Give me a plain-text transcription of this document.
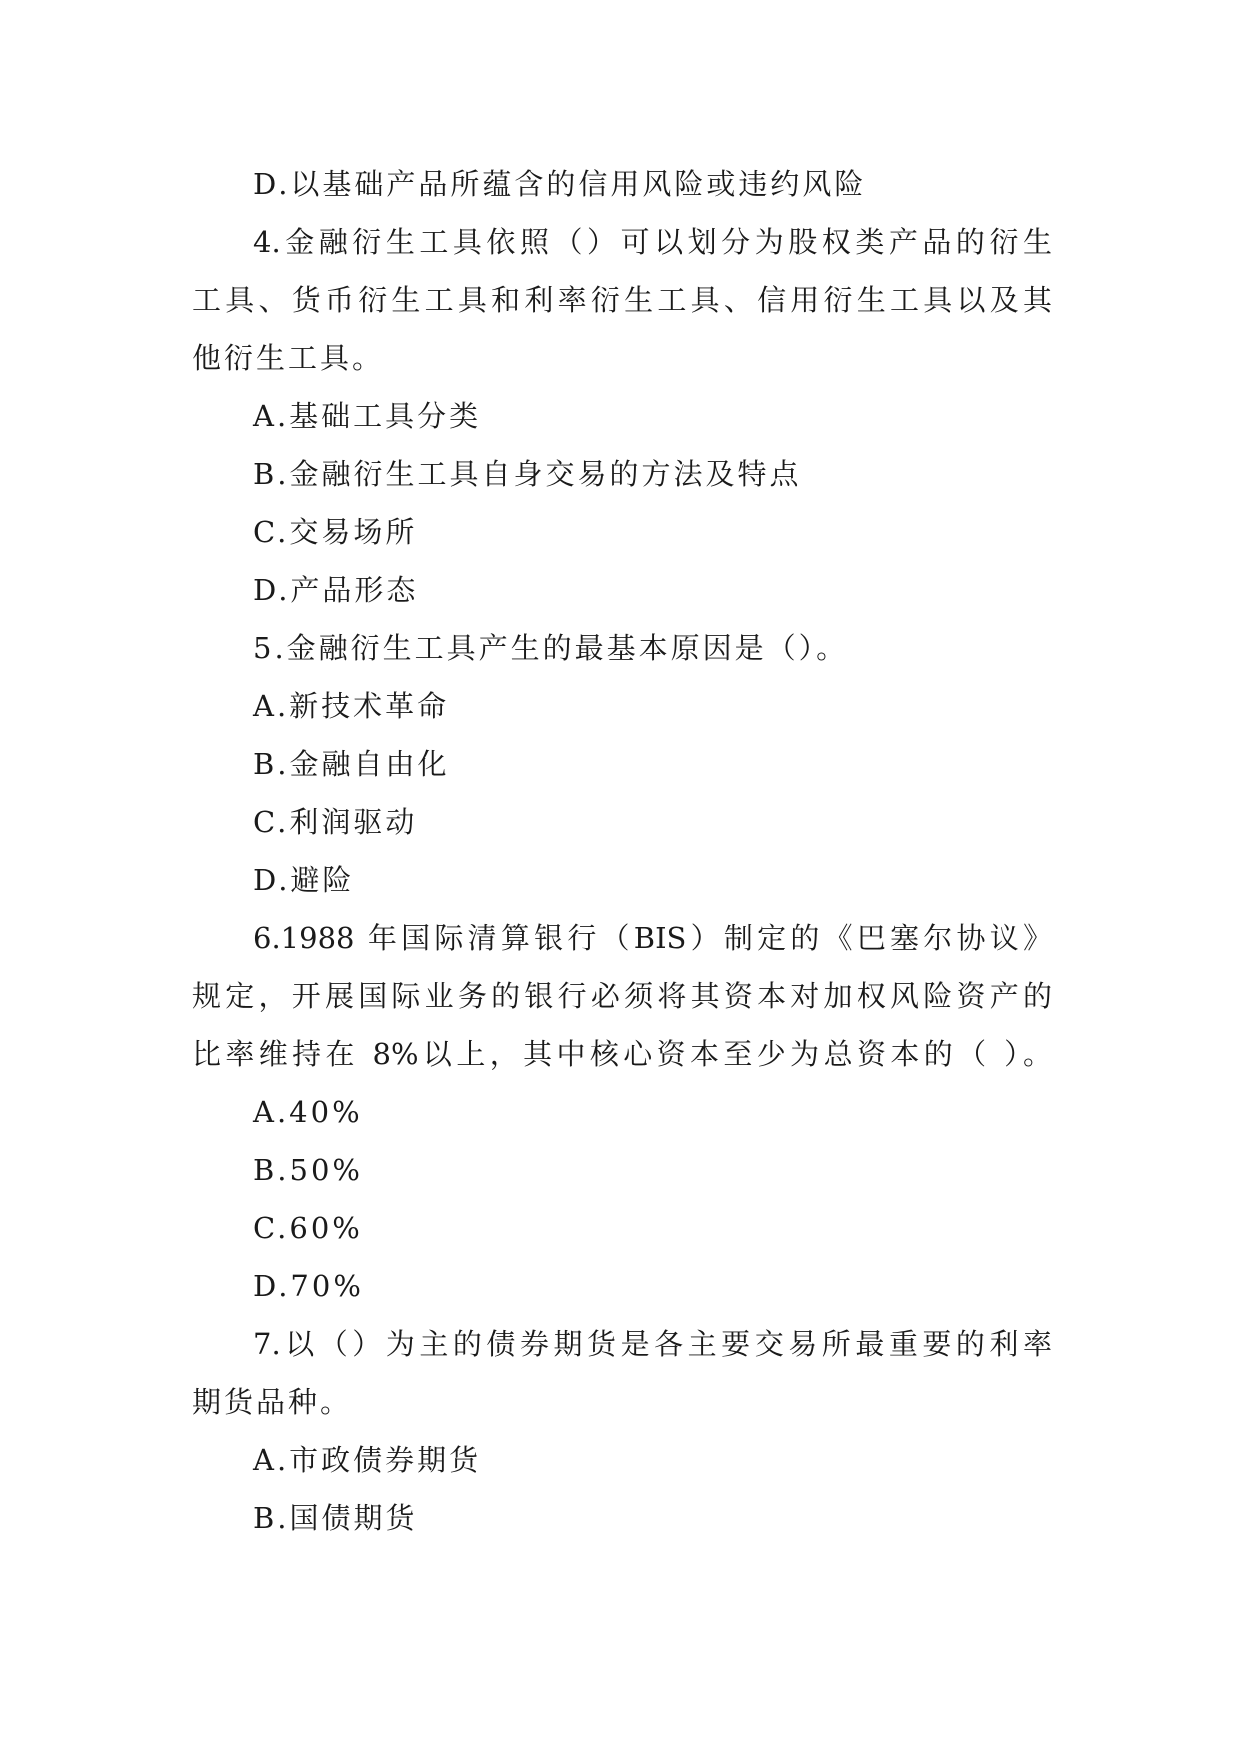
D.以基础产品所蕴含的信用风险或违约风险
4.金融衍生工具依照（）可以划分为股权类产品的衍生
工具、货币衍生工具和利率衍生工具、信用衍生工具以及其
他衍生工具。
A.基础工具分类
B.金融衍生工具自身交易的方法及特点
C.交易场所
D.产品形态
5.金融衍生工具产生的最基本原因是（）。
A.新技术革命
B.金融自由化
C.利润驱动
D.避险
6.1988 年国际清算银行（BIS）制定的《巴塞尔协议》
规定，开展国际业务的银行必须将其资本对加权风险资产的
比率维持在 8%以上，其中核心资本至少为总资本的（ ）。
A.40%
B.50%
C.60%
D.70%
7.以（）为主的债券期货是各主要交易所最重要的利率
期货品种。
A.市政债券期货
B.国债期货
